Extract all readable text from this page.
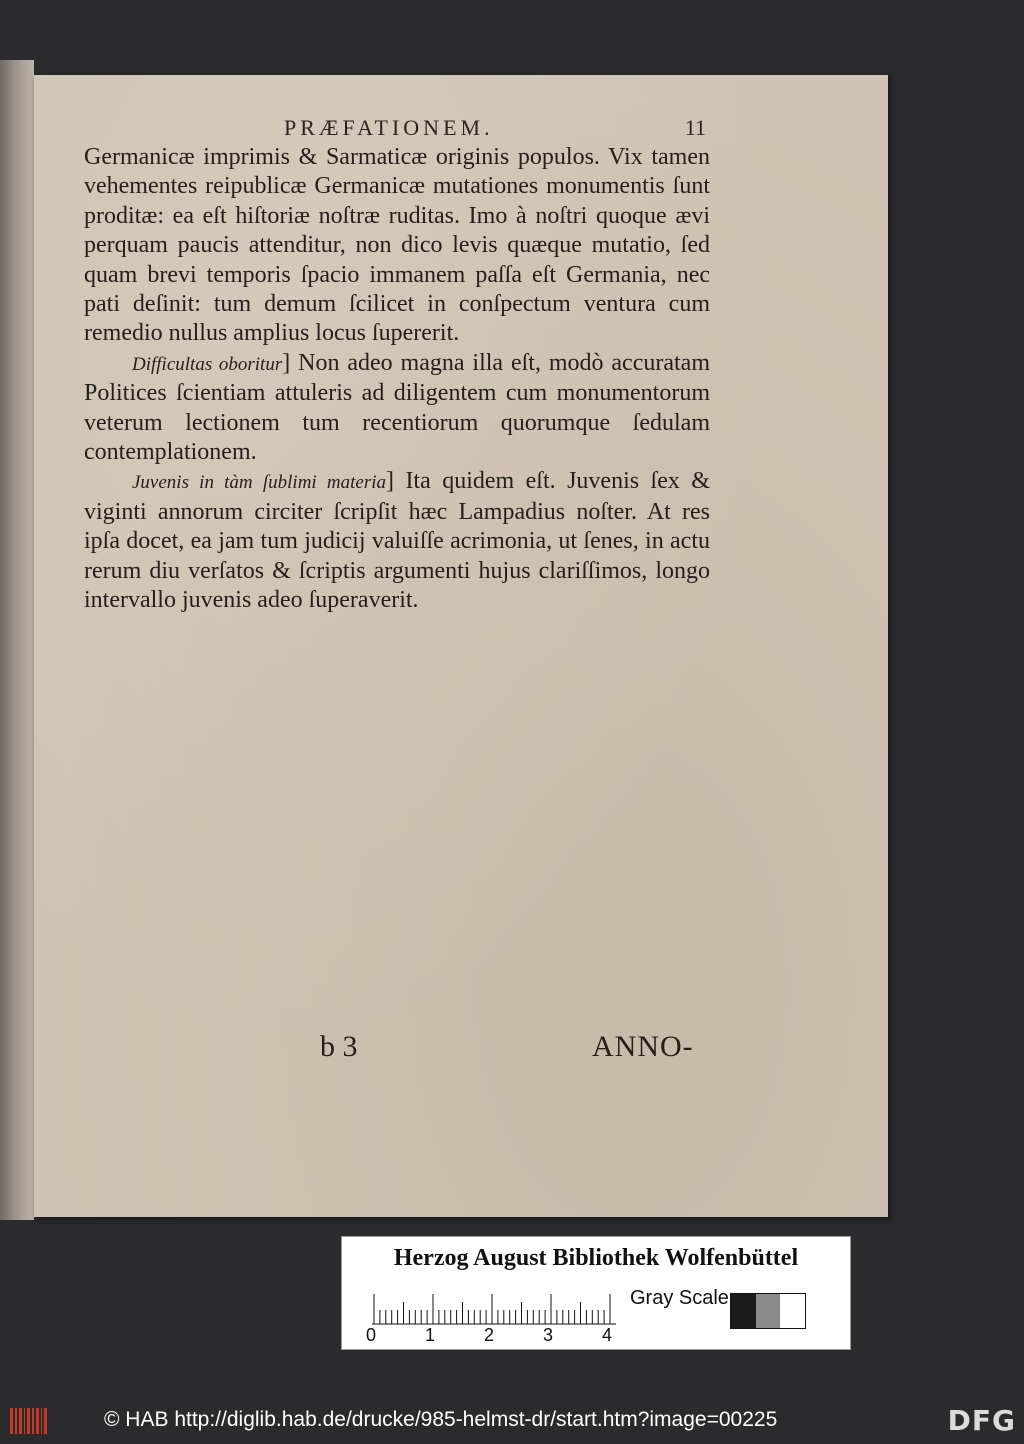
PRÆFATIONEM.	11

Germanicæ imprimis & Sarmaticæ originis populos. Vix tamen vehementes reipublicæ Germanicæ mutationes monumentis ſunt proditæ: ea eſt hiſtoriæ noſtræ ruditas. Imo à noſtri quoque ævi perquam paucis attenditur, non dico levis quæque mutatio, ſed quam brevi temporis ſpacio immanem paſſa eſt Germania, nec pati deſinit: tum demum ſcilicet in conſpectum ventura cum remedio nullus amplius locus ſupererit.

Difficultas oboritur] Non adeo magna illa eſt, modò accuratam Politices ſcientiam attuleris ad diligentem cum monumentorum veterum lectionem tum recentiorum quorumque ſedulam contemplationem.

Juvenis in tàm ſublimi materia] Ita quidem eſt. Juvenis ſex & viginti annorum circiter ſcripſit hæc Lampadius noſter. At res ipſa docet, ea jam tum judicij valuiſſe acrimonia, ut ſenes, in actu rerum diu verſatos & ſcriptis argumenti hujus clariſſimos, longo intervallo juvenis adeo ſuperaverit.

b 3	ANNO-
Herzog August Bibliothek Wolfenbüttel
0	1	2	3	4
Gray Scale
© HAB http://diglib.hab.de/drucke/985-helmst-dr/start.htm?image=00225	DFG
